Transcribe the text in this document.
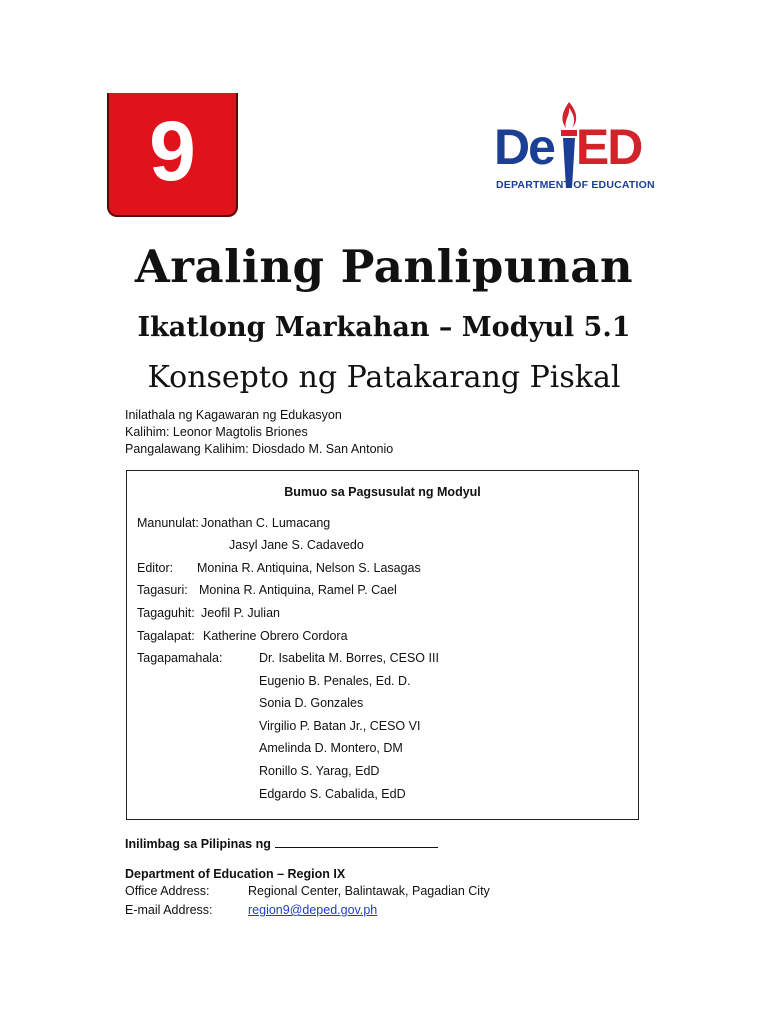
9	De ED
DEPARTMENT OF EDUCATION
Araling Panlipunan
Ikatlong Markahan – Modyul 5.1
Konsepto ng Patakarang Piskal
Inilathala ng Kagawaran ng Edukasyon
Kalihim: Leonor Magtolis Briones
Pangalawang Kalihim: Diosdado M. San Antonio
Bumuo sa Pagsusulat ng Modyul
Manunulat: Jonathan C. Lumacang
Jasyl Jane S. Cadavedo
Editor: Monina R. Antiquina, Nelson S. Lasagas
Tagasuri: Monina R. Antiquina, Ramel P. Cael
Tagaguhit: Jeofil P. Julian
Tagalapat: Katherine Obrero Cordora
Tagapamahala:	Dr. Isabelita M. Borres, CESO III
Eugenio B. Penales, Ed. D.
Sonia D. Gonzales
Virgilio P. Batan Jr., CESO VI
Amelinda D. Montero, DM
Ronillo S. Yarag, EdD
Edgardo S. Cabalida, EdD
Inilimbag sa Pilipinas ng
Department of Education – Region IX
Office Address:	Regional Center, Balintawak, Pagadian City
E-mail Address:	region9@deped.gov.ph
